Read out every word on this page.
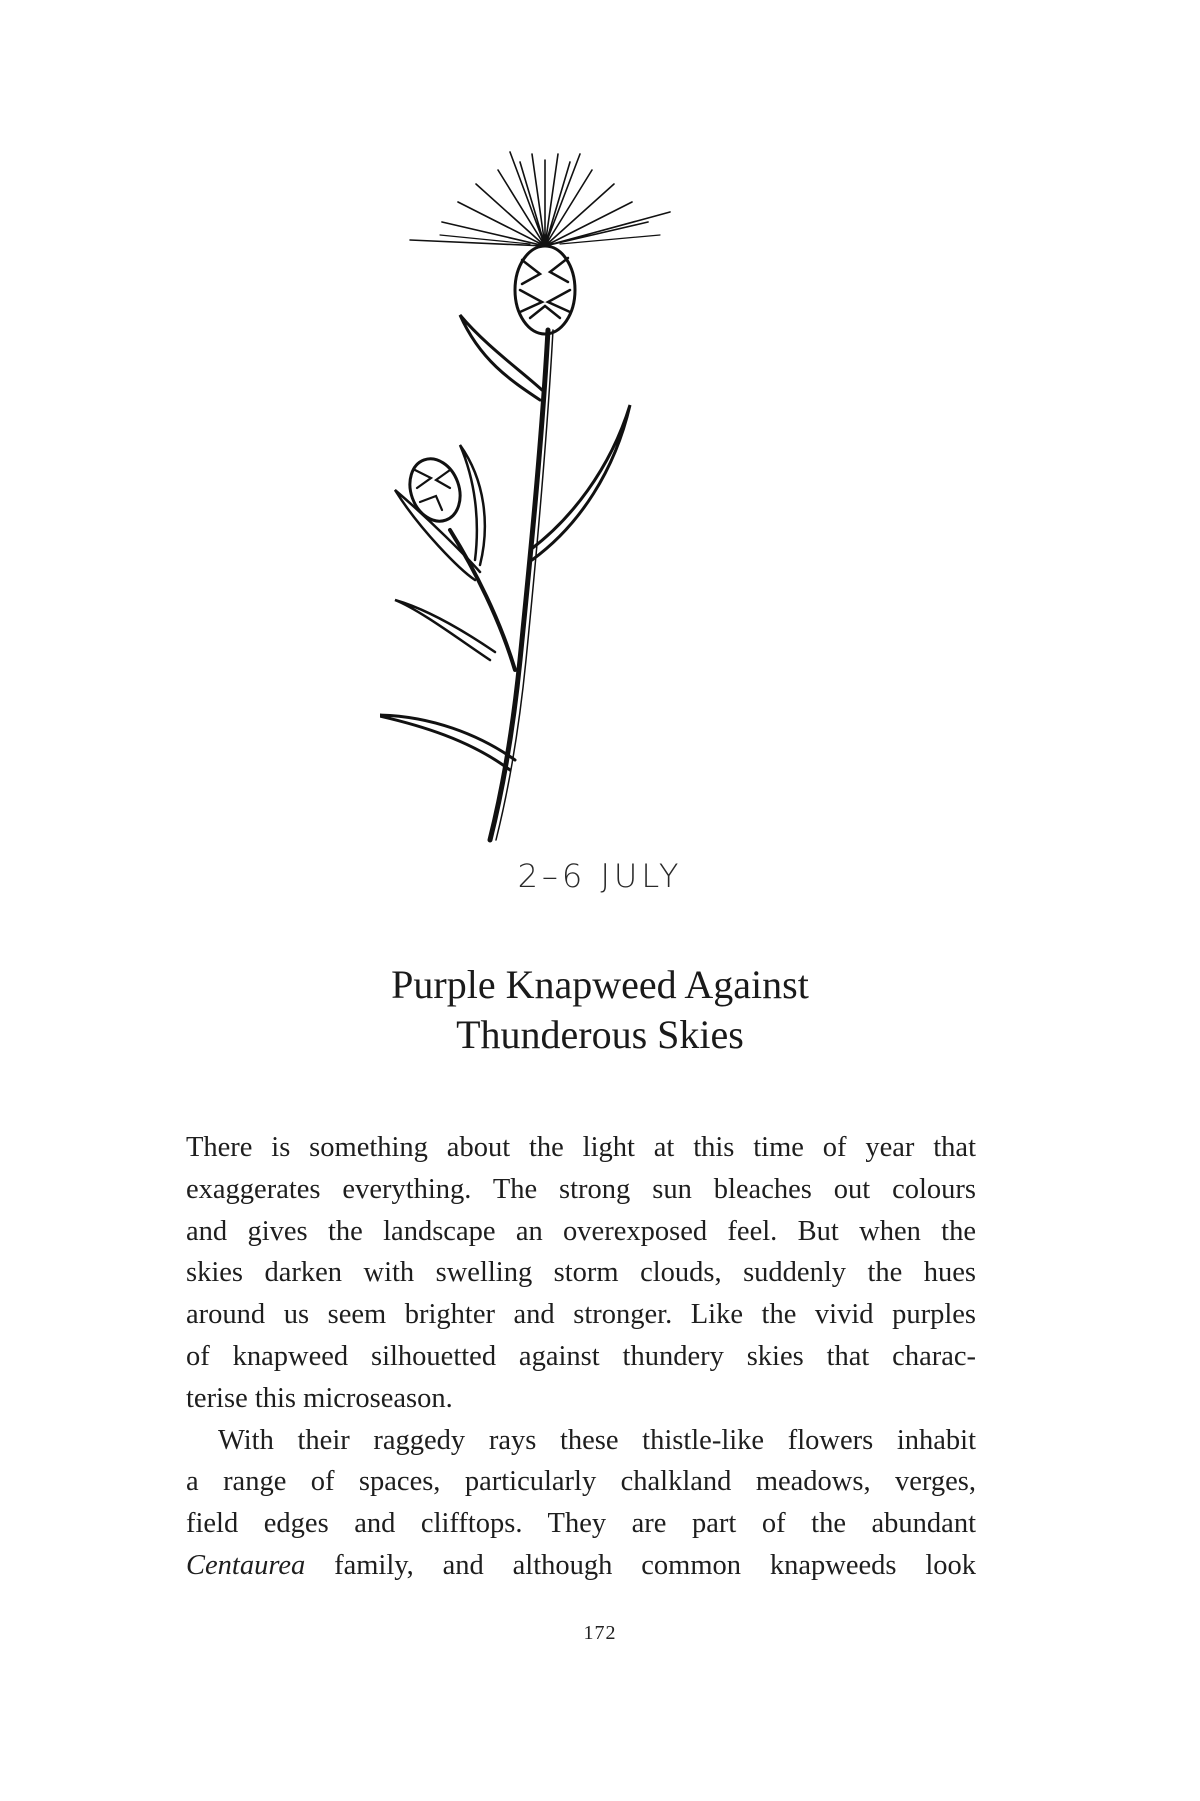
2–6 JULY
Purple Knapweed Against
Thunderous Skies
There is something about the light at this time of year that
exaggerates everything. The strong sun bleaches out colours
and gives the landscape an overexposed feel. But when the
skies darken with swelling storm clouds, suddenly the hues
around us seem brighter and stronger. Like the vivid purples
of knapweed silhouetted against thundery skies that charac-
terise this microseason.
With their raggedy rays these thistle-like flowers inhabit
a range of spaces, particularly chalkland meadows, verges,
field edges and clifftops. They are part of the abundant
Centaurea family, and although common knapweeds look
172
